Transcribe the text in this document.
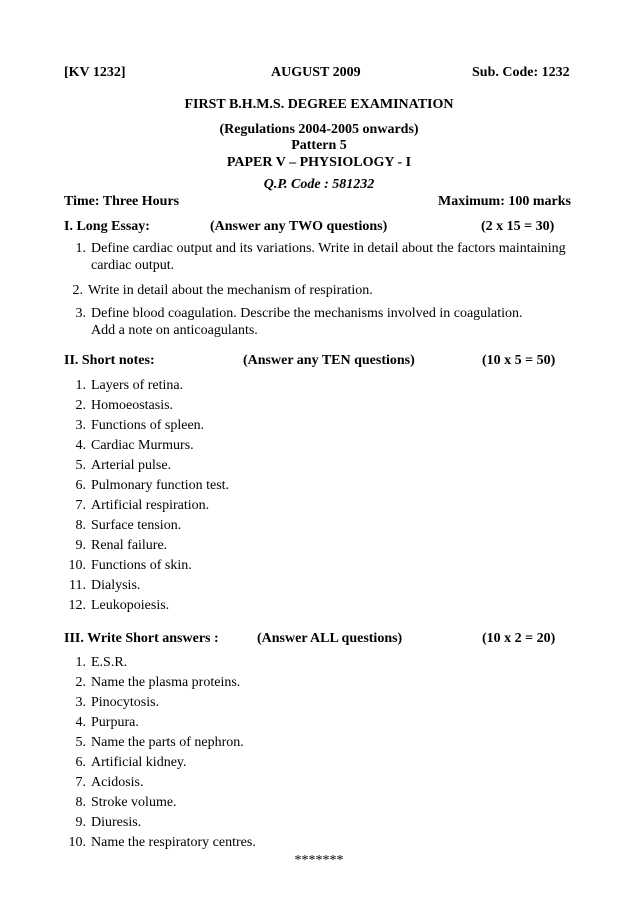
[KV 1232]	AUGUST 2009	Sub. Code: 1232
FIRST B.H.M.S. DEGREE EXAMINATION
(Regulations 2004-2005 onwards)
Pattern 5
PAPER V – PHYSIOLOGY - I
Q.P. Code : 581232
Time: Three Hours	Maximum: 100 marks
I. Long Essay:	(Answer any TWO questions)	(2 x 15 = 30)
1. Define cardiac output and its variations. Write in detail about the factors maintaining
cardiac output.
2. Write in detail about the mechanism of respiration.
3. Define blood coagulation. Describe the mechanisms involved in coagulation.
Add a note on anticoagulants.
II. Short notes:	(Answer any TEN questions)	(10 x 5 = 50)
1. Layers of retina.
2. Homoeostasis.
3. Functions of spleen.
4. Cardiac Murmurs.
5. Arterial pulse.
6. Pulmonary function test.
7. Artificial respiration.
8. Surface tension.
9. Renal failure.
10. Functions of skin.
11. Dialysis.
12. Leukopoiesis.
III. Write Short answers :	(Answer ALL questions)	(10 x 2 = 20)
1. E.S.R.
2. Name the plasma proteins.
3. Pinocytosis.
4. Purpura.
5. Name the parts of nephron.
6. Artificial kidney.
7. Acidosis.
8. Stroke volume.
9. Diuresis.
10. Name the respiratory centres.
*******
